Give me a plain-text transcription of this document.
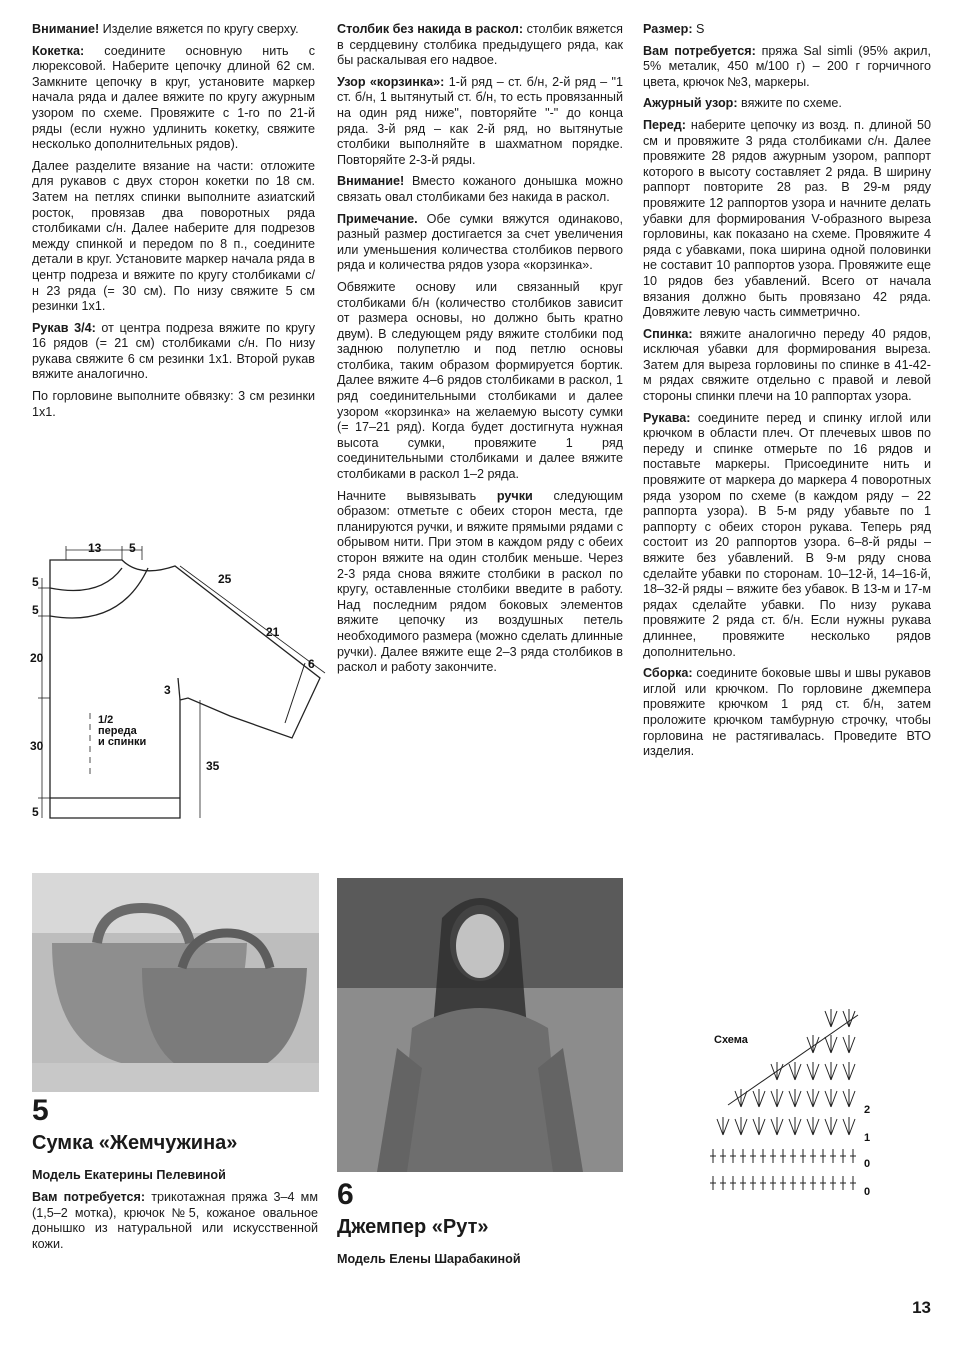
Внимание! Изделие вяжется по кругу сверху.

Кокетка: соедините основную нить с люрексовой. Наберите цепочку длиной 62 см. Замкните цепочку в круг, установите маркер начала ряда и далее вяжите по кругу ажурным узором по схеме. Провяжите с 1-го по 21-й ряды (если нужно удлинить кокетку, свяжите несколько дополнительных рядов).

Далее разделите вязание на части: отложите для рукавов с двух сторон кокетки по 18 см. Затем на петлях спинки выполните азиатский росток, провязав два поворотных ряда столбиками с/н. Далее наберите для подрезов между спинкой и передом по 8 п., соедините детали в круг. Установите маркер начала ряда в центр подреза и вяжите по кругу столбиками с/н 23 ряда (= 30 см). По низу свяжите 5 см резинки 1х1.

Рукав 3/4: от центра подреза вяжите по кругу 16 рядов (= 21 см) столбиками с/н. По низу рукава свяжите 6 см резинки 1х1. Второй рукав вяжите аналогично.

По горловине выполните обвязку: 3 см резинки 1х1.

13 5
25
21
6
5
5
20
30
5
3
35
1/2
переда
и спинки

Столбик без накида в раскол: столбик вяжется в сердцевину столбика предыдущего ряда, как бы раскалывая его надвое.

Узор «корзинка»: 1-й ряд – ст. б/н, 2-й ряд – "1 ст. б/н, 1 вытянутый ст. б/н, то есть провязанный на один ряд ниже", повторяйте "-" до конца ряда. 3-й ряд – как 2-й ряд, но вытянутые столбики выполняйте в шахматном порядке. Повторяйте 2-3-й ряды.

Внимание! Вместо кожаного донышка можно связать овал столбиками без накида в раскол.

Примечание. Обе сумки вяжутся одинаково, разный размер достигается за счет увеличения или уменьшения количества столбиков первого ряда и количества рядов узора «корзинка».

Обвяжите основу или связанный круг столбиками б/н (количество столбиков зависит от размера основы, но должно быть кратно двум). В следующем ряду вяжите столбики под заднюю полупетлю и под петлю основы столбика, таким образом формируется бортик. Далее вяжите 4–6 рядов столбиками в раскол, 1 ряд соединительными столбиками и далее узором «корзинка» на желаемую высоту сумки (= 17–21 ряд). Когда будет достигнута нужная высота сумки, провяжите 1 ряд соединительными столбиками и далее вяжите столбиками в раскол 1–2 ряда.

Начните вывязывать ручки следующим образом: отметьте с обеих сторон места, где планируются ручки, и вяжите прямыми рядами с обрывом нити. При этом в каждом ряду с обеих сторон вяжите на один столбик меньше. Через 2-3 ряда снова вяжите столбики в раскол по кругу, оставленные столбики введите в работу. Над последним рядом боковых элементов вяжите цепочку из воздушных петель необходимого размера (можно сделать длинные ручки). Далее вяжите еще 2–3 ряда столбиков в раскол и работу закончите.

Размер: S

Вам потребуется: пряжа Sal simli (95% акрил, 5% металик, 450 м/100 г) – 200 г горчичного цвета, крючок №3, маркеры.

Ажурный узор: вяжите по схеме.

Перед: наберите цепочку из возд. п. длиной 50 см и провяжите 3 ряда столбиками с/н. Далее провяжите 28 рядов ажурным узором, раппорт которого в высоту составляет 2 ряда. В ширину раппорт повторите 28 раз. В 29-м ряду провяжите 12 раппортов узора и начните делать убавки для формирования V-образного выреза горловины, как показано на схеме. Провяжите 4 ряда с убавками, пока ширина одной половинки не составит 10 раппортов узора. Провяжите еще 10 рядов без убавлений. Всего от начала вязания должно быть провязано 42 ряда. Довяжите левую часть симметрично.

Спинка: вяжите аналогично переду 40 рядов, исключая убавки для формирования выреза. Затем для выреза горловины по спинке в 41-42-м рядах свяжите отдельно с правой и левой стороны спинки плечи на 10 раппортах узора.

Рукава: соедините перед и спинку иглой или крючком в области плеч. От плечевых швов по переду и спинке отмерьте по 16 рядов и поставьте маркеры. Присоедините нить и провяжите от маркера до маркера 4 поворотных ряда узором по схеме (в каждом ряду – 22 раппорта узора). В 5-м ряду убавьте по 1 раппорту с обеих сторон рукава. Теперь ряд состоит из 20 раппортов узора. 6–8-й ряды – вяжите без убавлений. В 9-м ряду снова сделайте убавки по сторонам. 10–12-й, 14–16-й, 18–32-й ряды – вяжите без убавок. В 13-м и 17-м рядах сделайте убавки. По низу рукава провяжите 2 ряда ст. б/н. Если нужны рукава длиннее, провяжите несколько рядов дополнительно.

Сборка: соедините боковые швы и швы рукавов иглой или крючком. По горловине джемпера провяжите крючком 1 ряд ст. б/н, затем проложите крючком тамбурную строчку, чтобы горловина не растягивалась. Проведите ВТО изделия.

Схема
2
1
0
0
5
Сумка «Жемчужина»
Модель Екатерины Пелевиной
Вам потребуется: трикотажная пряжа 3–4 мм (1,5–2 мотка), крючок №5, кожаное овальное донышко из натуральной или искусственной кожи.
6
Джемпер «Рут»
Модель Елены Шарабакиной
13
